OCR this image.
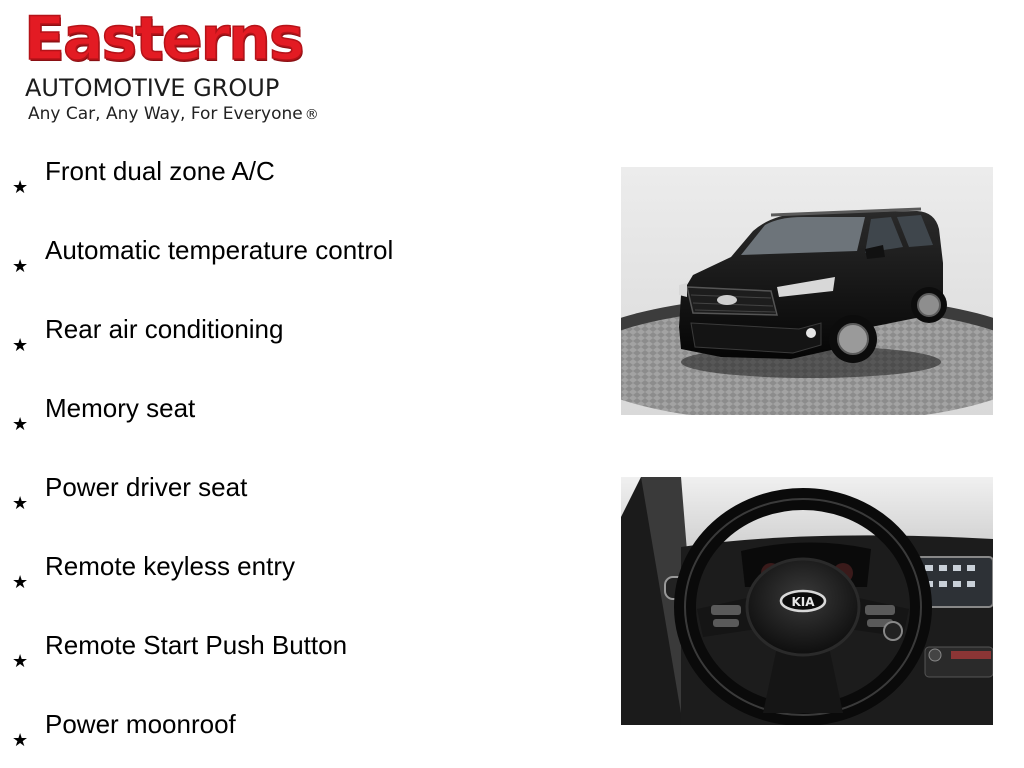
Easterns
AUTOMOTIVE GROUP
Any Car, Any Way, For Everyone ®
★
Front dual zone A/C
★
Automatic temperature control
★
Rear air conditioning
★
Memory seat
★
Power driver seat
★
Remote keyless entry
★
Remote Start Push Button
★
Power moonroof
KIA
